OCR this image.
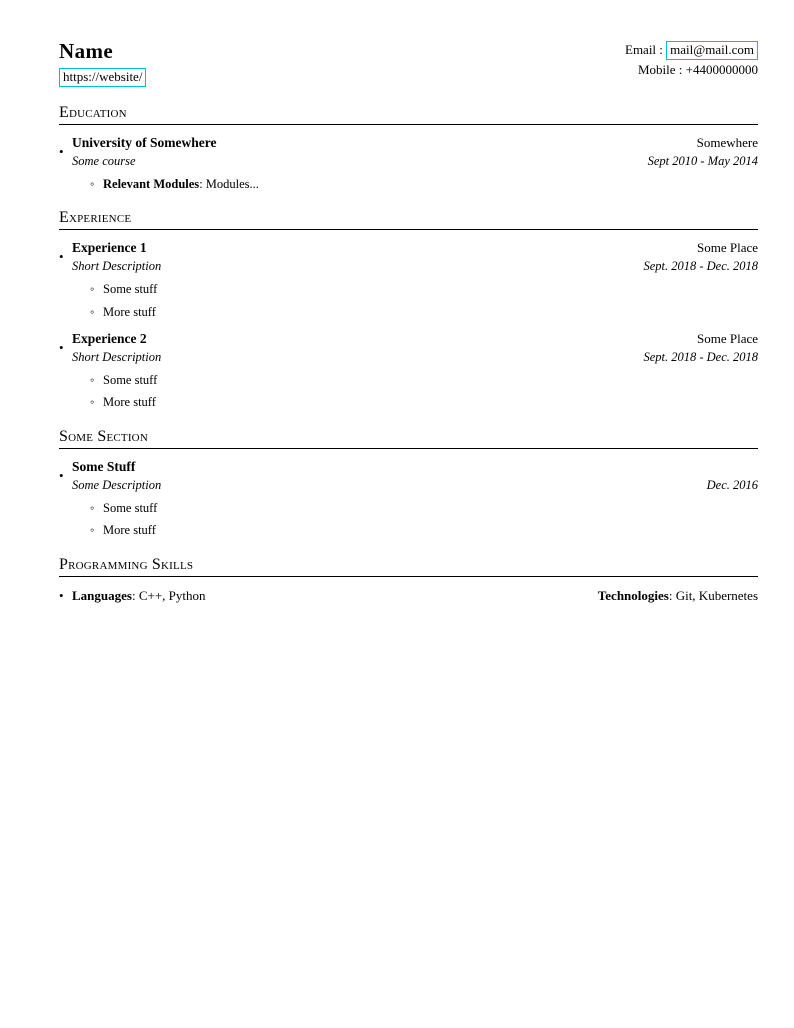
Name
https://website/
Email : mail@mail.com
Mobile : +4400000000
Education
•
University of Somewhere	Somewhere
Some course	Sept 2010 - May 2014
◦ Relevant Modules: Modules...
Experience
•
Experience 1	Some Place
Short Description	Sept. 2018 - Dec. 2018
◦ Some stuff
◦ More stuff
•
Experience 2	Some Place
Short Description	Sept. 2018 - Dec. 2018
◦ Some stuff
◦ More stuff
Some Section
•
Some Stuff
Some Description	Dec. 2016
◦ Some stuff
◦ More stuff
Programming Skills
• Languages: C++, Python	Technologies: Git, Kubernetes
